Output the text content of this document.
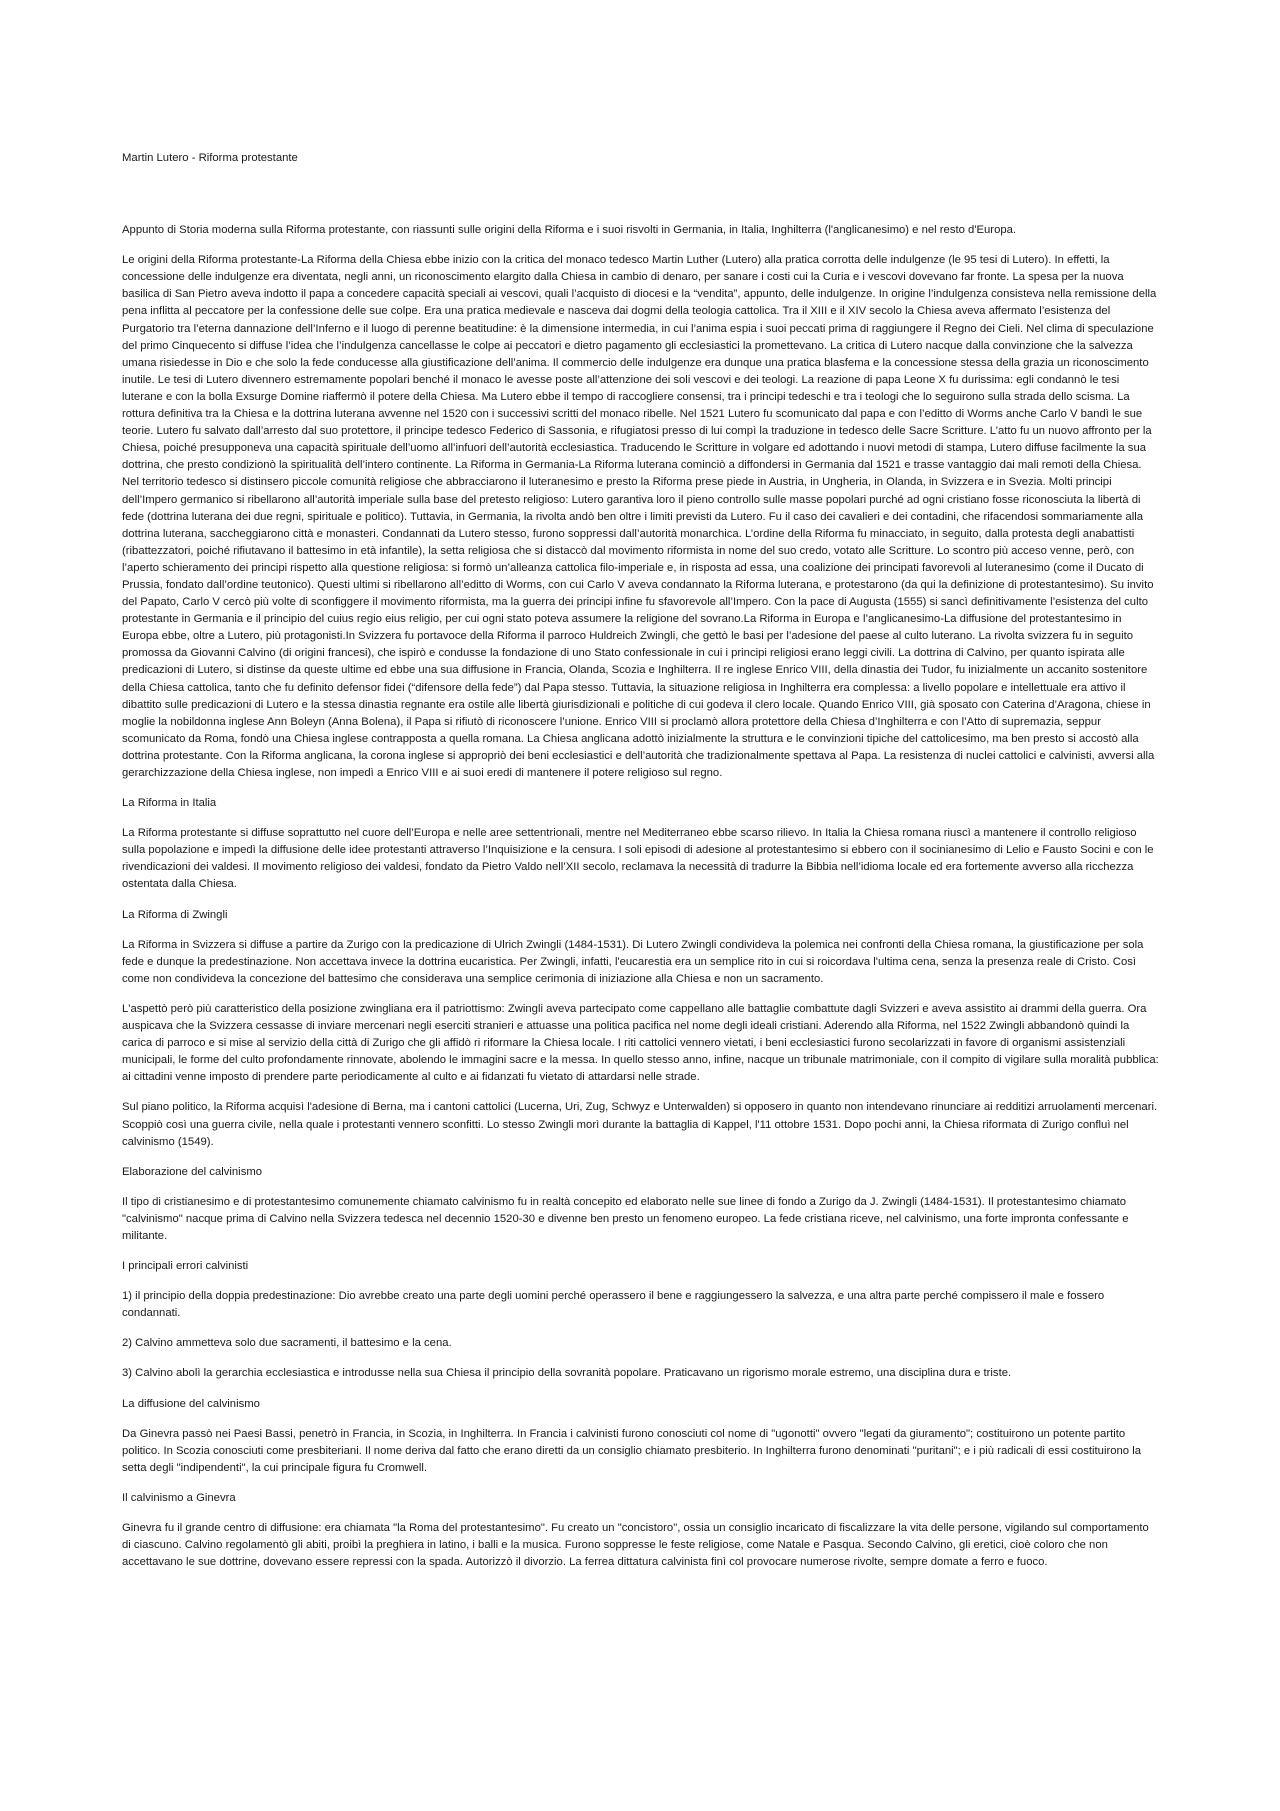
Martin Lutero - Riforma protestante

Appunto di Storia moderna sulla Riforma protestante, con riassunti sulle origini della Riforma e i suoi risvolti in Germania, in Italia, Inghilterra (l'anglicanesimo) e nel resto d'Europa.

Le origini della Riforma protestante-La Riforma della Chiesa ebbe inizio con la critica del monaco tedesco Martin Luther (Lutero) alla pratica corrotta delle indulgenze (le 95 tesi di Lutero). In effetti, la concessione delle indulgenze era diventata, negli anni, un riconoscimento elargito dalla Chiesa in cambio di denaro, per sanare i costi cui la Curia e i vescovi dovevano far fronte. La spesa per la nuova basilica di San Pietro aveva indotto il papa a concedere capacità speciali ai vescovi, quali l’acquisto di diocesi e la “vendita”, appunto, delle indulgenze. In origine l’indulgenza consisteva nella remissione della pena inflitta al peccatore per la confessione delle sue colpe. Era una pratica medievale e nasceva dai dogmi della teologia cattolica. Tra il XIII e il XIV secolo la Chiesa aveva affermato l’esistenza del Purgatorio tra l’eterna dannazione dell’Inferno e il luogo di perenne beatitudine: è la dimensione intermedia, in cui l’anima espia i suoi peccati prima di raggiungere il Regno dei Cieli. Nel clima di speculazione del primo Cinquecento si diffuse l’idea che l’indulgenza cancellasse le colpe ai peccatori e dietro pagamento gli ecclesiastici la promettevano. La critica di Lutero nacque dalla convinzione che la salvezza umana risiedesse in Dio e che solo la fede conducesse alla giustificazione dell’anima. Il commercio delle indulgenze era dunque una pratica blasfema e la concessione stessa della grazia un riconoscimento inutile. Le tesi di Lutero divennero estremamente popolari benché il monaco le avesse poste all’attenzione dei soli vescovi e dei teologi. La reazione di papa Leone X fu durissima: egli condannò le tesi luterane e con la bolla Exsurge Domine riaffermò il potere della Chiesa. Ma Lutero ebbe il tempo di raccogliere consensi, tra i principi tedeschi e tra i teologi che lo seguirono sulla strada dello scisma. La rottura definitiva tra la Chiesa e la dottrina luterana avvenne nel 1520 con i successivi scritti del monaco ribelle. Nel 1521 Lutero fu scomunicato dal papa e con l’editto di Worms anche Carlo V bandì le sue teorie. Lutero fu salvato dall’arresto dal suo protettore, il principe tedesco Federico di Sassonia, e rifugiatosi presso di lui compì la traduzione in tedesco delle Sacre Scritture. L’atto fu un nuovo affronto per la Chiesa, poiché presupponeva una capacità spirituale dell’uomo all’infuori dell’autorità ecclesiastica. Traducendo le Scritture in volgare ed adottando i nuovi metodi di stampa, Lutero diffuse facilmente la sua dottrina, che presto condizionò la spiritualità dell’intero continente. La Riforma in Germania-La Riforma luterana cominciò a diffondersi in Germania dal 1521 e trasse vantaggio dai mali remoti della Chiesa. Nel territorio tedesco si distinsero piccole comunità religiose che abbracciarono il luteranesimo e presto la Riforma prese piede in Austria, in Ungheria, in Olanda, in Svizzera e in Svezia. Molti principi dell’Impero germanico si ribellarono all’autorità imperiale sulla base del pretesto religioso: Lutero garantiva loro il pieno controllo sulle masse popolari purché ad ogni cristiano fosse riconosciuta la libertà di fede (dottrina luterana dei due regni, spirituale e politico). Tuttavia, in Germania, la rivolta andò ben oltre i limiti previsti da Lutero. Fu il caso dei cavalieri e dei contadini, che rifacendosi sommariamente alla dottrina luterana, saccheggiarono città e monasteri. Condannati da Lutero stesso, furono soppressi dall’autorità monarchica. L’ordine della Riforma fu minacciato, in seguito, dalla protesta degli anabattisti (ribattezzatori, poiché rifiutavano il battesimo in età infantile), la setta religiosa che si distaccò dal movimento riformista in nome del suo credo, votato alle Scritture. Lo scontro più acceso venne, però, con l’aperto schieramento dei principi rispetto alla questione religiosa: si formò un’alleanza cattolica filo-imperiale e, in risposta ad essa, una coalizione dei principati favorevoli al luteranesimo (come il Ducato di Prussia, fondato dall’ordine teutonico). Questi ultimi si ribellarono all’editto di Worms, con cui Carlo V aveva condannato la Riforma luterana, e protestarono (da qui la definizione di protestantesimo). Su invito del Papato, Carlo V cercò più volte di sconfiggere il movimento riformista, ma la guerra dei principi infine fu sfavorevole all’Impero. Con la pace di Augusta (1555) si sancì definitivamente l’esistenza del culto protestante in Germania e il principio del cuius regio eius religio, per cui ogni stato poteva assumere la religione del sovrano.La Riforma in Europa e l’anglicanesimo-La diffusione del protestantesimo in Europa ebbe, oltre a Lutero, più protagonisti.In Svizzera fu portavoce della Riforma il parroco Huldreich Zwingli, che gettò le basi per l’adesione del paese al culto luterano. La rivolta svizzera fu in seguito promossa da Giovanni Calvino (di origini francesi), che ispirò e condusse la fondazione di uno Stato confessionale in cui i principi religiosi erano leggi civili. La dottrina di Calvino, per quanto ispirata alle predicazioni di Lutero, si distinse da queste ultime ed ebbe una sua diffusione in Francia, Olanda, Scozia e Inghilterra. Il re inglese Enrico VIII, della dinastia dei Tudor, fu inizialmente un accanito sostenitore della Chiesa cattolica, tanto che fu definito defensor fidei (“difensore della fede”) dal Papa stesso. Tuttavia, la situazione religiosa in Inghilterra era complessa: a livello popolare e intellettuale era attivo il dibattito sulle predicazioni di Lutero e la stessa dinastia regnante era ostile alle libertà giurisdizionali e politiche di cui godeva il clero locale. Quando Enrico VIII, già sposato con Caterina d’Aragona, chiese in moglie la nobildonna inglese Ann Boleyn (Anna Bolena), il Papa si rifiutò di riconoscere l’unione. Enrico VIII si proclamò allora protettore della Chiesa d’Inghilterra e con l’Atto di supremazia, seppur scomunicato da Roma, fondò una Chiesa inglese contrapposta a quella romana. La Chiesa anglicana adottò inizialmente la struttura e le convinzioni tipiche del cattolicesimo, ma ben presto si accostò alla dottrina protestante. Con la Riforma anglicana, la corona inglese si appropriò dei beni ecclesiastici e dell’autorità che tradizionalmente spettava al Papa. La resistenza di nuclei cattolici e calvinisti, avversi alla gerarchizzazione della Chiesa inglese, non impedì a Enrico VIII e ai suoi eredi di mantenere il potere religioso sul regno.

La Riforma in Italia

La Riforma protestante si diffuse soprattutto nel cuore dell’Europa e nelle aree settentrionali, mentre nel Mediterraneo ebbe scarso rilievo. In Italia la Chiesa romana riuscì a mantenere il controllo religioso sulla popolazione e impedì la diffusione delle idee protestanti attraverso l’Inquisizione e la censura. I soli episodi di adesione al protestantesimo si ebbero con il socinianesimo di Lelio e Fausto Socini e con le rivendicazioni dei valdesi. Il movimento religioso dei valdesi, fondato da Pietro Valdo nell’XII secolo, reclamava la necessità di tradurre la Bibbia nell’idioma locale ed era fortemente avverso alla ricchezza ostentata dalla Chiesa.

La Riforma di Zwingli

La Riforma in Svizzera si diffuse a partire da Zurigo con la predicazione di Ulrich Zwingli (1484-1531). Di Lutero Zwingli condivideva la polemica nei confronti della Chiesa romana, la giustificazione per sola fede e dunque la predestinazione. Non accettava invece la dottrina eucaristica. Per Zwingli, infatti, l'eucarestia era un semplice rito in cui si roicordava l'ultima cena, senza la presenza reale di Cristo. Così come non condivideva la concezione del battesimo che considerava una semplice cerimonia di iniziazione alla Chiesa e non un sacramento.

L'aspettò però più caratteristico della posizione zwingliana era il patriottismo: Zwingli aveva partecipato come cappellano alle battaglie combattute dagli Svizzeri e aveva assistito ai drammi della guerra. Ora auspicava che la Svizzera cessasse di inviare mercenari negli eserciti stranieri e attuasse una politica pacifica nel nome degli ideali cristiani. Aderendo alla Riforma, nel 1522 Zwingli abbandonò quindi la carica di parroco e si mise al servizio della città di Zurigo che gli affidò ri riformare la Chiesa locale. I riti cattolici vennero vietati, i beni ecclesiastici furono secolarizzati in favore di organismi assistenziali municipali, le forme del culto profondamente rinnovate, abolendo le immagini sacre e la messa. In quello stesso anno, infine, nacque un tribunale matrimoniale, con il compito di vigilare sulla moralità pubblica: ai cittadini venne imposto di prendere parte periodicamente al culto e ai fidanzati fu vietato di attardarsi nelle strade.

Sul piano politico, la Riforma acquisì l'adesione di Berna, ma i cantoni cattolici (Lucerna, Uri, Zug, Schwyz e Unterwalden) si opposero in quanto non intendevano rinunciare ai redditizi arruolamenti mercenari. Scoppiò così una guerra civile, nella quale i protestanti vennero sconfitti. Lo stesso Zwingli morì durante la battaglia di Kappel, l'11 ottobre 1531. Dopo pochi anni, la Chiesa riformata di Zurigo confluì nel calvinismo (1549).

Elaborazione del calvinismo

Il tipo di cristianesimo e di protestantesimo comunemente chiamato calvinismo fu in realtà concepito ed elaborato nelle sue linee di fondo a Zurigo da J. Zwingli (1484-1531). Il protestantesimo chiamato "calvinismo" nacque prima di Calvino nella Svizzera tedesca nel decennio 1520-30 e divenne ben presto un fenomeno europeo. La fede cristiana riceve, nel calvinismo, una forte impronta confessante e militante.

I principali errori calvinisti

1) il principio della doppia predestinazione: Dio avrebbe creato una parte degli uomini perché operassero il bene e raggiungessero la salvezza, e una altra parte perché compissero il male e fossero condannati.

2) Calvino ammetteva solo due sacramenti, il battesimo e la cena.

3) Calvino abolì la gerarchia ecclesiastica e introdusse nella sua Chiesa il principio della sovranità popolare. Praticavano un rigorismo morale estremo, una disciplina dura e triste.

La diffusione del calvinismo

Da Ginevra passò nei Paesi Bassi, penetrò in Francia, in Scozia, in Inghilterra. In Francia i calvinisti furono conosciuti col nome di "ugonotti" ovvero "legati da giuramento"; costituirono un potente partito politico. In Scozia conosciuti come presbiteriani. Il nome deriva dal fatto che erano diretti da un consiglio chiamato presbiterio. In Inghilterra furono denominati "puritani"; e i più radicali di essi costituirono la setta degli "indipendenti", la cui principale figura fu Cromwell.

Il calvinismo a Ginevra

Ginevra fu il grande centro di diffusione: era chiamata "la Roma del protestantesimo". Fu creato un "concistoro", ossia un consiglio incaricato di fiscalizzare la vita delle persone, vigilando sul comportamento di ciascuno. Calvino regolamentò gli abiti, proibì la preghiera in latino, i balli e la musica. Furono soppresse le feste religiose, come Natale e Pasqua. Secondo Calvino, gli eretici, cioè coloro che non accettavano le sue dottrine, dovevano essere repressi con la spada. Autorizzò il divorzio. La ferrea dittatura calvinista finì col provocare numerose rivolte, sempre domate a ferro e fuoco.
